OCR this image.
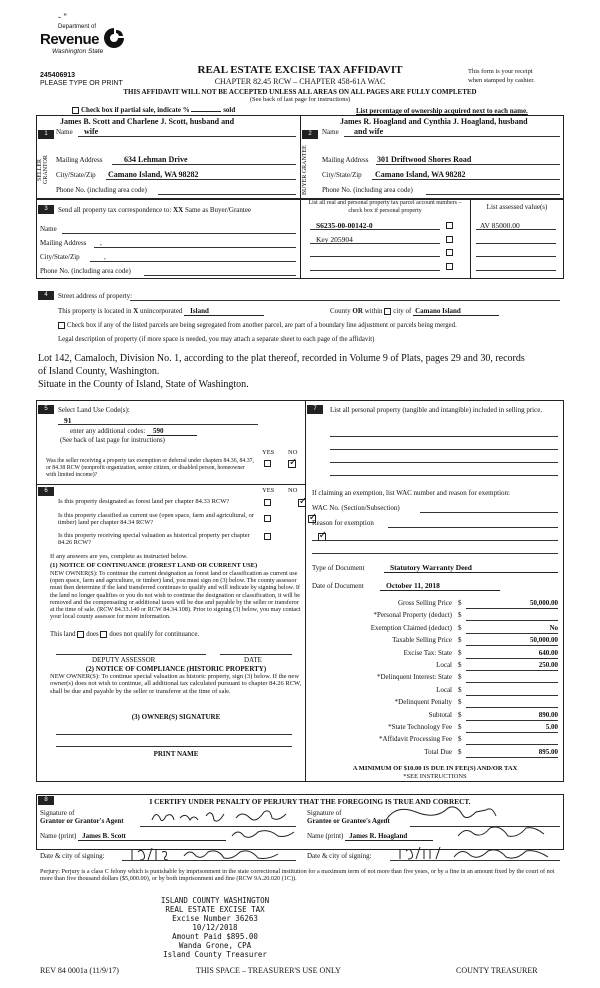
- "
Department of
Revenue
Washington State
245406913
PLEASE TYPE OR PRINT
REAL ESTATE EXCISE TAX AFFIDAVIT
CHAPTER 82.45 RCW – CHAPTER 458-61A WAC
This form is your receipt
when stamped by cashier.
THIS AFFIDAVIT WILL NOT BE ACCEPTED UNLESS ALL AREAS ON ALL PAGES ARE FULLY COMPLETED
(See back of last page for instructions)
Check box if partial sale, indicate %	sold	List percentage of ownership acquired next to each name.
1
SELLER GRANTOR
James B. Scott and Charlene J. Scott, husband and
Name wife
Mailing Address	634 Lehman Drive
City/State/Zip Camano Island, WA 98282
Phone No. (including area code)
2
BUYER GRANTEE
James R. Hoagland and Cynthia J. Hoagland, husband
Name and wife
Mailing Address 301 Driftwood Shores Road
City/State/Zip Camano Island, WA 98282
Phone No. (including area code)
3	Send all property tax correspondence to: XX Same as Buyer/Grantee
Name
Mailing Address ,
City/State/Zip	,
Phone No. (including area code)
List all real and personal property tax parcel account numbers – check box if personal property	List assessed value(s)
S6235-00-00142-0	AV 85000.00
Key 205904
4	Street address of property:
This property is located in X unincorporated Island	County OR within city of Camano Island
Check box if any of the listed parcels are being segregated from another parcel, are part of a boundary line adjustment or parcels being merged.
Legal description of property (if more space is needed, you may attach a separate sheet to each page of the affidavit)
Lot 142, Camaloch, Division No. 1, according to the plat thereof, recorded in Volume 9 of Plats, pages 29 and 30, records
of Island County, Washington.
Situate in the County of Island, State of Washington.
5	Select Land Use Code(s):
91
enter any additional codes: 590
(See back of last page for instructions)
YES NO
Was the seller receiving a property tax exemption or deferral under chapters 84.36, 84.37, or 84.38 RCW (nonprofit organization, senior citizen, or disabled person, homeowner with limited income)?
✓
6	YES NO
Is this property designated as forest land per chapter 84.33 RCW?
✓
Is this property classified as current use (open space, farm and agricultural, or timber) land per chapter 84.34 RCW?
✓
Is this property receiving special valuation as historical property per chapter 84.26 RCW?
✓
If any answers are yes, complete as instructed below.
(1) NOTICE OF CONTINUANCE (FOREST LAND OR CURRENT USE)
NEW OWNER(S): To continue the current designation as forest land or classification as current use (open space, farm and agriculture, or timber) land, you must sign on (3) below. The county assessor must then determine if the land transferred continues to qualify and will indicate by signing below. If the land no longer qualifies or you do not wish to continue the designation or classification, it will be removed and the compensating or additional taxes will be due and payable by the seller or transferor at the time of sale. (RCW 84.33.140 or RCW 84.34.108). Prior to signing (3) below, you may contact your local county assessor for more information.
This land does does not qualify for continuance.
DEPUTY ASSESSOR	DATE
(2) NOTICE OF COMPLIANCE (HISTORIC PROPERTY)
NEW OWNER(S): To continue special valuation as historic property, sign (3) below. If the new owner(s) does not wish to continue, all additional tax calculated pursuant to chapter 84.26 RCW, shall be due and payable by the seller or transferor at the time of sale.
(3) OWNER(S) SIGNATURE
PRINT NAME
7	List all personal property (tangible and intangible) included in selling price.
If claiming an exemption, list WAC number and reason for exemption:
WAC No. (Section/Subsection)
Reason for exemption
Type of Document	Statutory Warranty Deed
Date of Document	October 11, 2018
Gross Selling Price $	50,000.00
*Personal Property (deduct) $
Exemption Claimed (deduct) $	No
Taxable Selling Price $	50,000.00
Excise Tax: State $	640.00
Local $	250.00
*Delinquent Interest: State $
Local $
*Delinquent Penalty $
Subtotal $	890.00
*State Technology Fee $	5.00
*Affidavit Processing Fee $
Total Due $	895.00
A MINIMUM OF $10.00 IS DUE IN FEE(S) AND/OR TAX
*SEE INSTRUCTIONS
8	I CERTIFY UNDER PENALTY OF PERJURY THAT THE FOREGOING IS TRUE AND CORRECT.
Signature of
Grantor or Grantor's Agent
Signature of
Grantee or Grantee's Agent
Name (print) James B. Scott	Name (print) James R. Hoagland
Date & city of signing:	Date & city of signing:
Perjury: Perjury is a class C felony which is punishable by imprisonment in the state correctional institution for a maximum term of not more than five years, or by a fine in an amount fixed by the court of not more than five thousand dollars ($5,000.00), or by both imprisonment and fine (RCW 9A.20.020 (1C)).
ISLAND COUNTY WASHINGTON
REAL ESTATE EXCISE TAX
Excise Number 36263
10/12/2018
Amount Paid $895.00
Wanda Grone, CPA
Island County Treasurer
REV 84 0001a (11/9/17)	THIS SPACE – TREASURER'S USE ONLY	COUNTY TREASURER
